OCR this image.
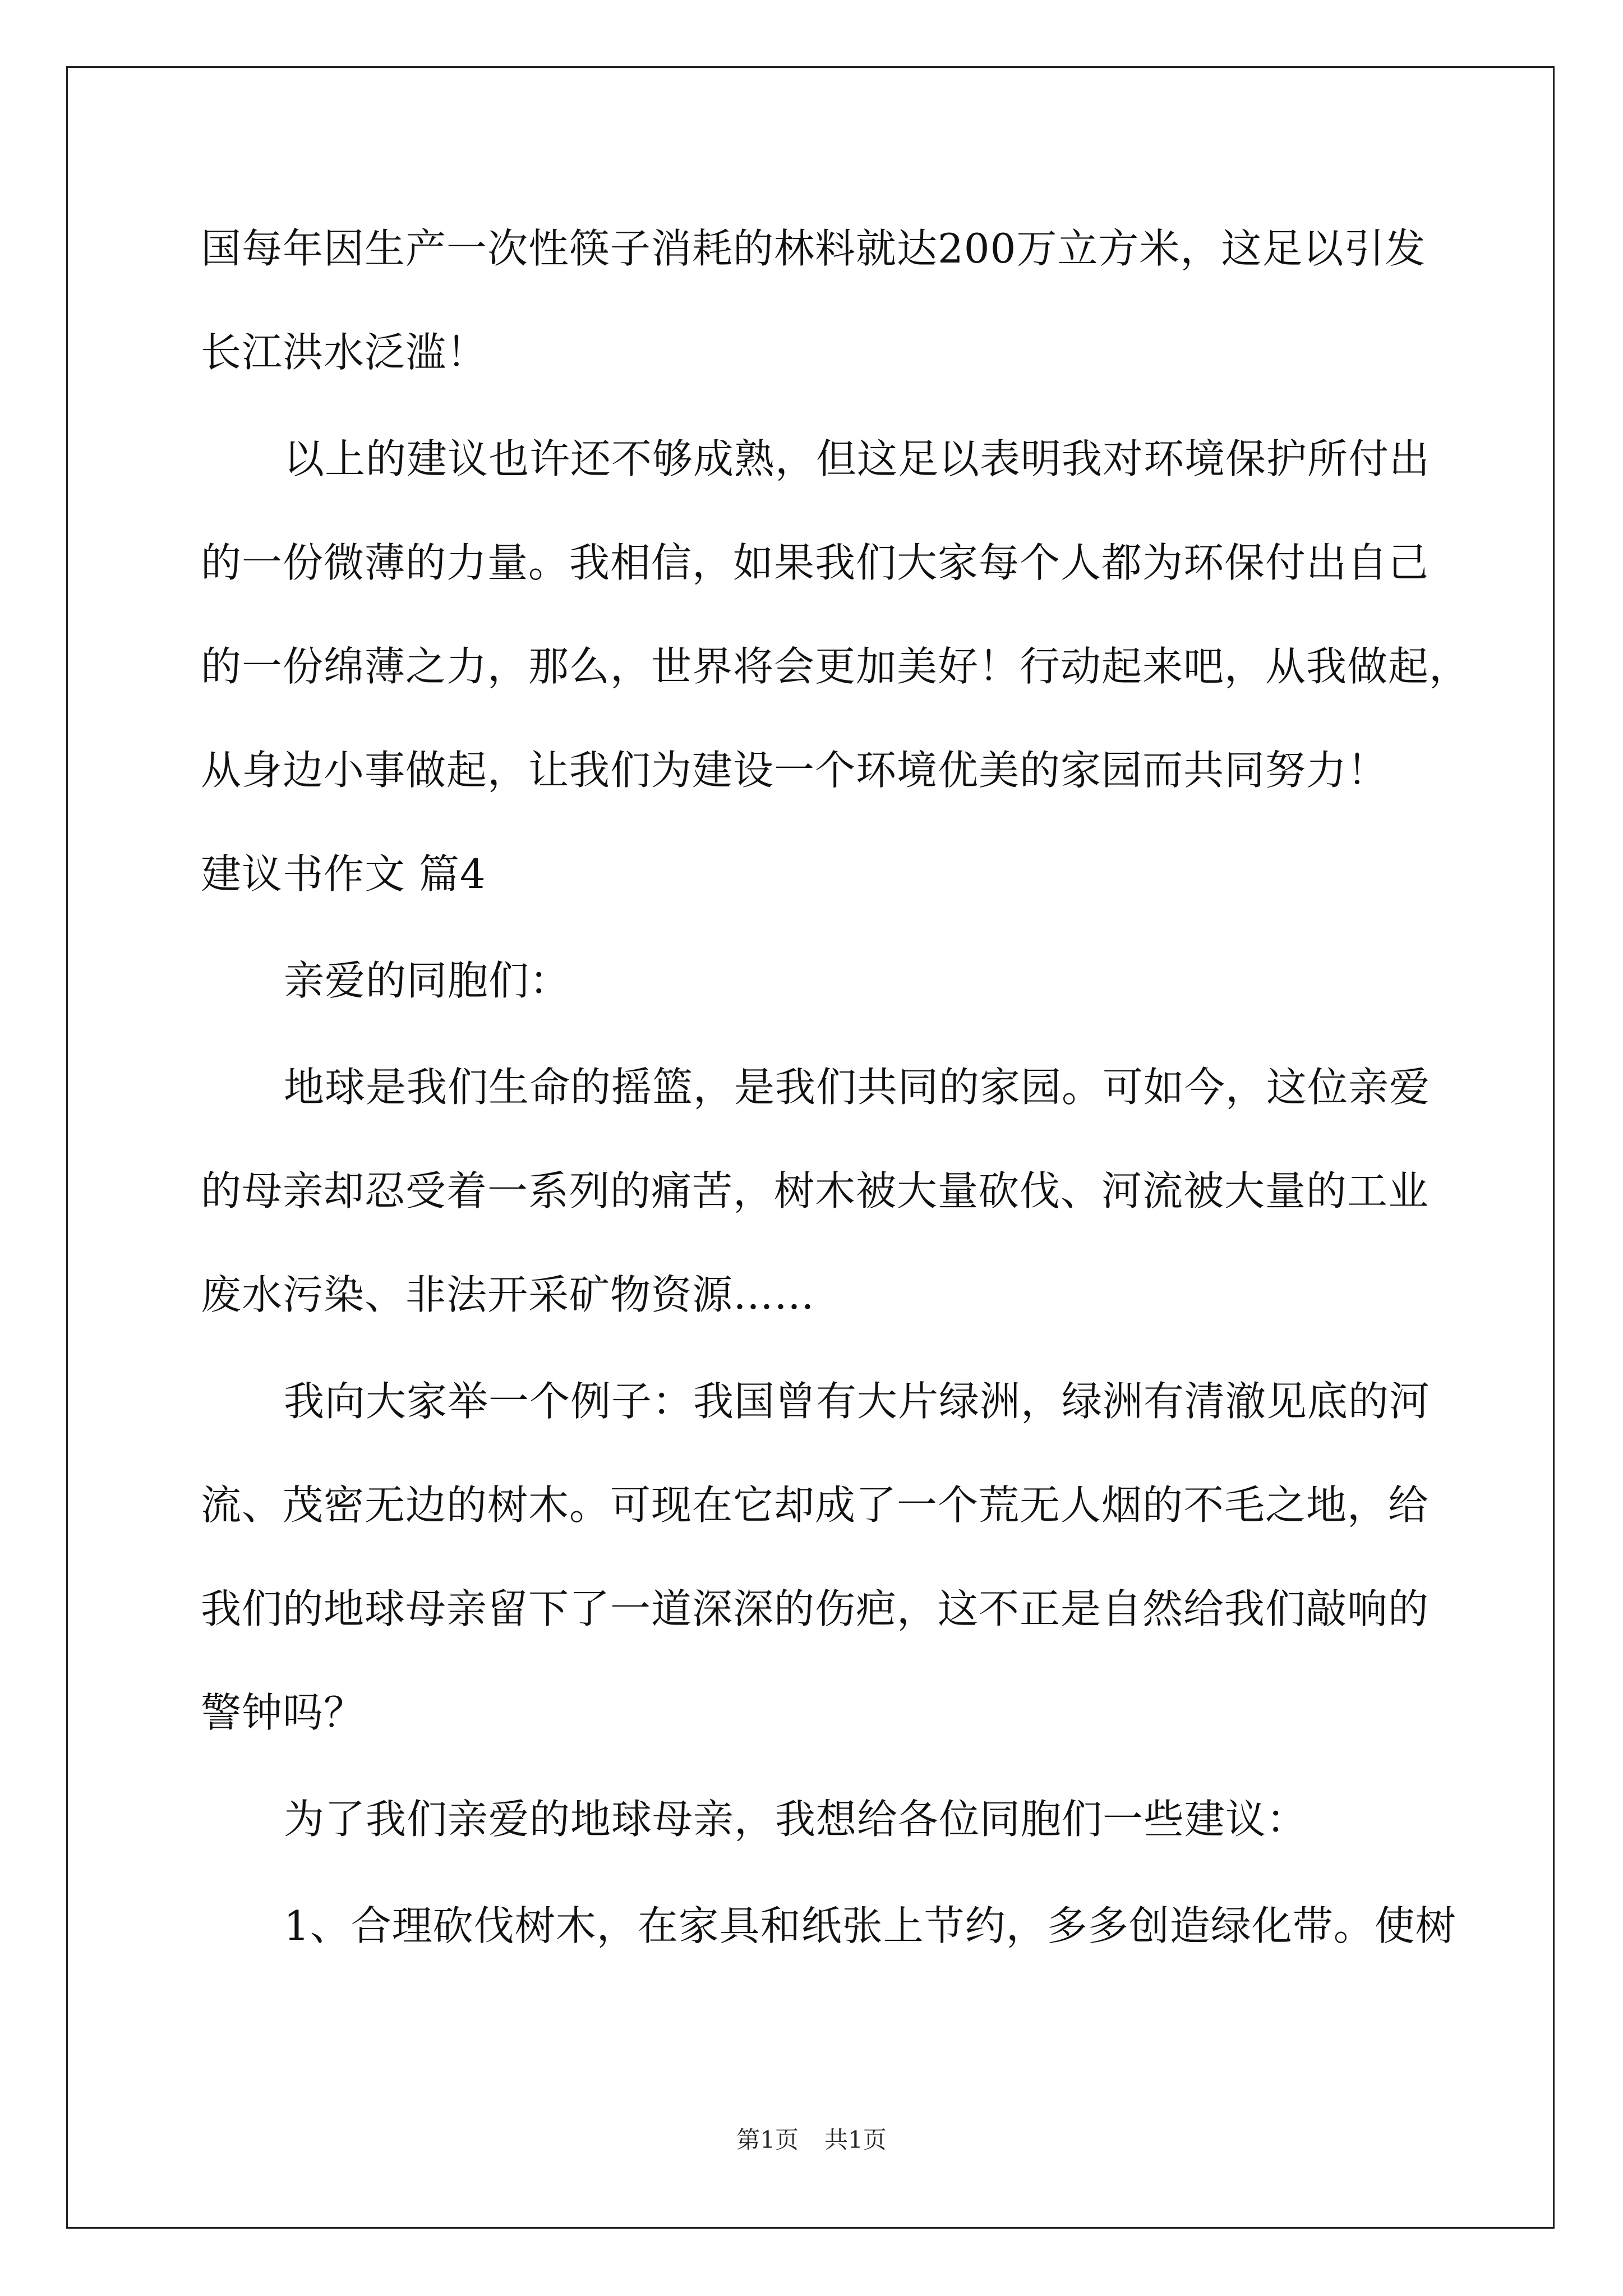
国每年因生产一次性筷子消耗的林料就达200万立方米，这足以引发
长江洪水泛滥！
以上的建议也许还不够成熟，但这足以表明我对环境保护所付出
的一份微薄的力量。我相信，如果我们大家每个人都为环保付出自己
的一份绵薄之力，那么，世界将会更加美好！行动起来吧，从我做起，
从身边小事做起，让我们为建设一个环境优美的家园而共同努力！
建议书作文 篇4
亲爱的同胞们：
地球是我们生命的摇篮，是我们共同的家园。可如今，这位亲爱
的母亲却忍受着一系列的痛苦，树木被大量砍伐、河流被大量的工业
废水污染、非法开采矿物资源……
我向大家举一个例子：我国曾有大片绿洲，绿洲有清澈见底的河
流、茂密无边的树木。可现在它却成了一个荒无人烟的不毛之地，给
我们的地球母亲留下了一道深深的伤疤，这不正是自然给我们敲响的
警钟吗？
为了我们亲爱的地球母亲，我想给各位同胞们一些建议：
1、合理砍伐树木，在家具和纸张上节约，多多创造绿化带。使树
第1页 共1页
